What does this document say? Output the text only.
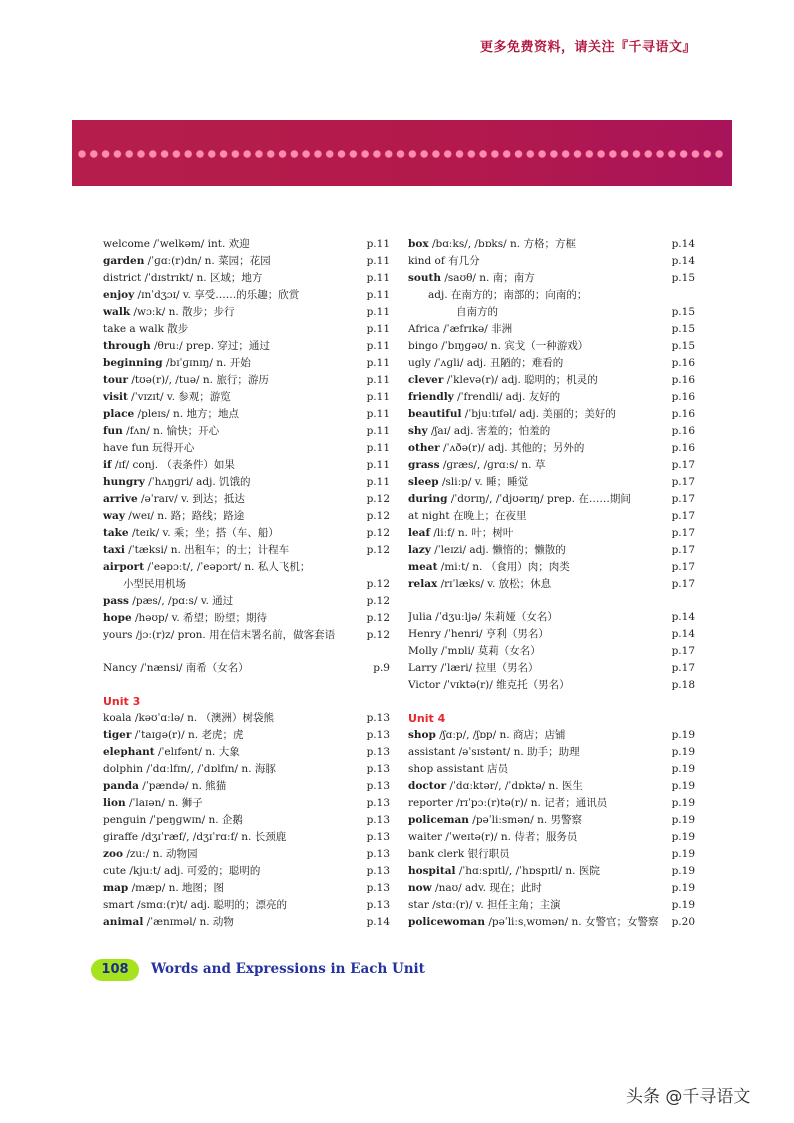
更多免费资料，请关注『千寻语文』
welcome /ˈwelkəm/ int. 欢迎	p.11
garden /ˈɡɑː(r)dn/ n. 菜园；花园	p.11
district /ˈdɪstrɪkt/ n. 区域；地方	p.11
enjoy /ɪnˈdʒɔɪ/ v. 享受……的乐趣；欣赏	p.11
walk /wɔːk/ n. 散步；步行	p.11
take a walk 散步	p.11
through /θruː/ prep. 穿过；通过	p.11
beginning /bɪˈɡɪnɪŋ/ n. 开始	p.11
tour /tʊə(r)/, /tuə/ n. 旅行；游历	p.11
visit /ˈvɪzɪt/ v. 参观；游览	p.11
place /pleɪs/ n. 地方；地点	p.11
fun /fʌn/ n. 愉快；开心	p.11
have fun 玩得开心	p.11
if /ɪf/ conj. （表条件）如果	p.11
hungry /ˈhʌŋɡri/ adj. 饥饿的	p.11
arrive /əˈraɪv/ v. 到达；抵达	p.12
way /weɪ/ n. 路；路线；路途	p.12
take /teɪk/ v. 乘；坐；搭（车、船）	p.12
taxi /ˈtæksi/ n. 出租车；的士；计程车	p.12
airport /ˈeəpɔːt/, /ˈeəpɔrt/ n. 私人飞机；
小型民用机场	p.12
pass /pæs/, /pɑːs/ v. 通过	p.12
hope /həʊp/ v. 希望；盼望；期待	p.12
yours /jɔː(r)z/ pron. 用在信末署名前，做客套语	p.12
Nancy /ˈnænsi/ 南希（女名）	p.9
Unit 3
koala /kəʊˈɑːlə/ n. （澳洲）树袋熊	p.13
tiger /ˈtaɪɡə(r)/ n. 老虎；虎	p.13
elephant /ˈelɪfənt/ n. 大象	p.13
dolphin /ˈdɑːlfɪn/, /ˈdɒlfɪn/ n. 海豚	p.13
panda /ˈpændə/ n. 熊猫	p.13
lion /ˈlaɪən/ n. 狮子	p.13
penguin /ˈpeŋɡwɪn/ n. 企鹅	p.13
giraffe /dʒɪˈræf/, /dʒɪˈrɑːf/ n. 长颈鹿	p.13
zoo /zuː/ n. 动物园	p.13
cute /kjuːt/ adj. 可爱的；聪明的	p.13
map /mæp/ n. 地图；图	p.13
smart /smɑː(r)t/ adj. 聪明的；漂亮的	p.13
animal /ˈænɪməl/ n. 动物	p.14
box /bɑːks/, /bɒks/ n. 方格；方框	p.14
kind of 有几分	p.14
south /saʊθ/ n. 南；南方	p.15
adj. 在南方的；南部的；向南的；
自南方的	p.15
Africa /ˈæfrɪkə/ 非洲	p.15
bingo /ˈbɪŋɡəʊ/ n. 宾戈（一种游戏）	p.15
ugly /ˈʌɡli/ adj. 丑陋的；难看的	p.16
clever /ˈklevə(r)/ adj. 聪明的；机灵的	p.16
friendly /ˈfrendli/ adj. 友好的	p.16
beautiful /ˈbjuːtɪfəl/ adj. 美丽的；美好的	p.16
shy /ʃaɪ/ adj. 害羞的；怕羞的	p.16
other /ˈʌðə(r)/ adj. 其他的；另外的	p.16
grass /ɡræs/, /ɡrɑːs/ n. 草	p.17
sleep /sliːp/ v. 睡；睡觉	p.17
during /ˈdʊrɪŋ/, /ˈdjʊərɪŋ/ prep. 在……期间	p.17
at night 在晚上；在夜里	p.17
leaf /liːf/ n. 叶；树叶	p.17
lazy /ˈleɪzi/ adj. 懒惰的；懒散的	p.17
meat /miːt/ n. （食用）肉；肉类	p.17
relax /rɪˈlæks/ v. 放松；休息	p.17
Julia /ˈdʒuːljə/ 朱莉娅（女名）	p.14
Henry /ˈhenri/ 亨利（男名）	p.14
Molly /ˈmɒli/ 莫莉（女名）	p.17
Larry /ˈlæri/ 拉里（男名）	p.17
Victor /ˈvɪktə(r)/ 维克托（男名）	p.18
Unit 4
shop /ʃɑːp/, /ʃɒp/ n. 商店；店铺	p.19
assistant /əˈsɪstənt/ n. 助手；助理	p.19
shop assistant 店员	p.19
doctor /ˈdɑːktər/, /ˈdɒktə/ n. 医生	p.19
reporter /rɪˈpɔː(r)tə(r)/ n. 记者；通讯员	p.19
policeman /pəˈliːsmən/ n. 男警察	p.19
waiter /ˈweɪtə(r)/ n. 侍者；服务员	p.19
bank clerk 银行职员	p.19
hospital /ˈhɑːspɪtl/, /ˈhɒspɪtl/ n. 医院	p.19
now /naʊ/ adv. 现在；此时	p.19
star /stɑː(r)/ v. 担任主角；主演	p.19
policewoman /pəˈliːsˌwʊmən/ n. 女警官；女警察 p.20
108	Words and Expressions in Each Unit
头条 @千寻语文
